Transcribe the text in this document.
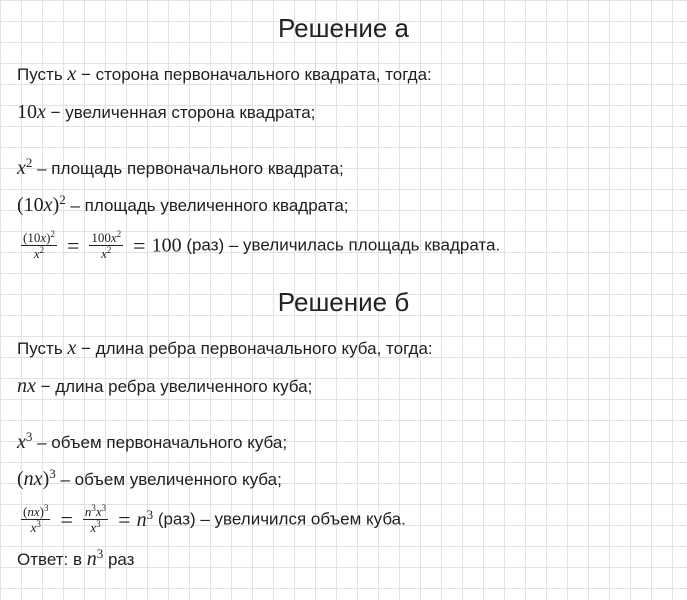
Решение а
Пусть x − сторона первоначального квадрата, тогда:
10x − увеличенная сторона квадрата;
$x^2$ – площадь первоначального квадрата;
$(10x)^2$ – площадь увеличенного квадрата;
$\frac{(10x)^2}{x^2} = \frac{100x^2}{x^2} = 100$ (раз) – увеличилась площадь квадрата.
Решение б
Пусть x − длина ребра первоначального куба, тогда:
nx − длина ребра увеличенного куба;
$x^3$ – объем первоначального куба;
(nx)$^3$ – объем увеличенного куба;
$\frac{(nx)^3}{x^3} = \frac{n^3x^3}{x^3} = n^3$ (раз) – увеличился объем куба.
Ответ: в $n^3$ раз
